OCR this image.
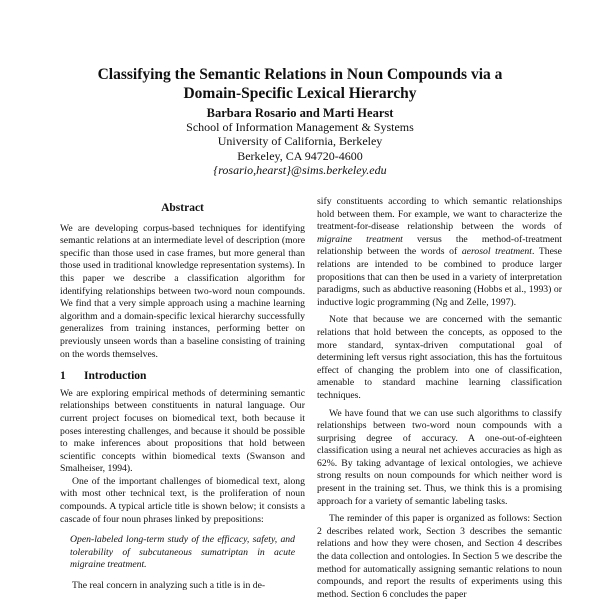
Classifying the Semantic Relations in Noun Compounds via a
Domain-Specific Lexical Hierarchy
Barbara Rosario and Marti Hearst
School of Information Management & Systems
University of California, Berkeley
Berkeley, CA 94720-4600
{rosario,hearst}@sims.berkeley.edu
Abstract

We are developing corpus-based techniques for identifying semantic relations at an intermediate level of description (more specific than those used in case frames, but more general than those used in traditional knowledge representation systems). In this paper we describe a classification algorithm for identifying relationships between two-word noun compounds. We find that a very simple approach using a machine learning algorithm and a domain-specific lexical hierarchy successfully generalizes from training instances, performing better on previously unseen words than a baseline consisting of training on the words themselves.

1 Introduction

We are exploring empirical methods of determining semantic relationships between constituents in natural language. Our current project focuses on biomedical text, both because it poses interesting challenges, and because it should be possible to make inferences about propositions that hold between scientific concepts within biomedical texts (Swanson and Smalheiser, 1994).

One of the important challenges of biomedical text, along with most other technical text, is the proliferation of noun compounds. A typical article title is shown below; it consists a cascade of four noun phrases linked by prepositions:

Open-labeled long-term study of the efficacy, safety, and tolerability of subcutaneous sumatriptan in acute migraine treatment.

The real concern in analyzing such a title is in de-

sify constituents according to which semantic relationships hold between them. For example, we want to characterize the treatment-for-disease relationship between the words of migraine treatment versus the method-of-treatment relationship between the words of aerosol treatment. These relations are intended to be combined to produce larger propositions that can then be used in a variety of interpretation paradigms, such as abductive reasoning (Hobbs et al., 1993) or inductive logic programming (Ng and Zelle, 1997).

Note that because we are concerned with the semantic relations that hold between the concepts, as opposed to the more standard, syntax-driven computational goal of determining left versus right association, this has the fortuitous effect of changing the problem into one of classification, amenable to standard machine learning classification techniques.

We have found that we can use such algorithms to classify relationships between two-word noun compounds with a surprising degree of accuracy. A one-out-of-eighteen classification using a neural net achieves accuracies as high as 62%. By taking advantage of lexical ontologies, we achieve strong results on noun compounds for which neither word is present in the training set. Thus, we think this is a promising approach for a variety of semantic labeling tasks.

The reminder of this paper is organized as follows: Section 2 describes related work, Section 3 describes the semantic relations and how they were chosen, and Section 4 describes the data collection and ontologies. In Section 5 we describe the method for automatically assigning semantic relations to noun compounds, and report the results of experiments using this method. Section 6 concludes the paper
